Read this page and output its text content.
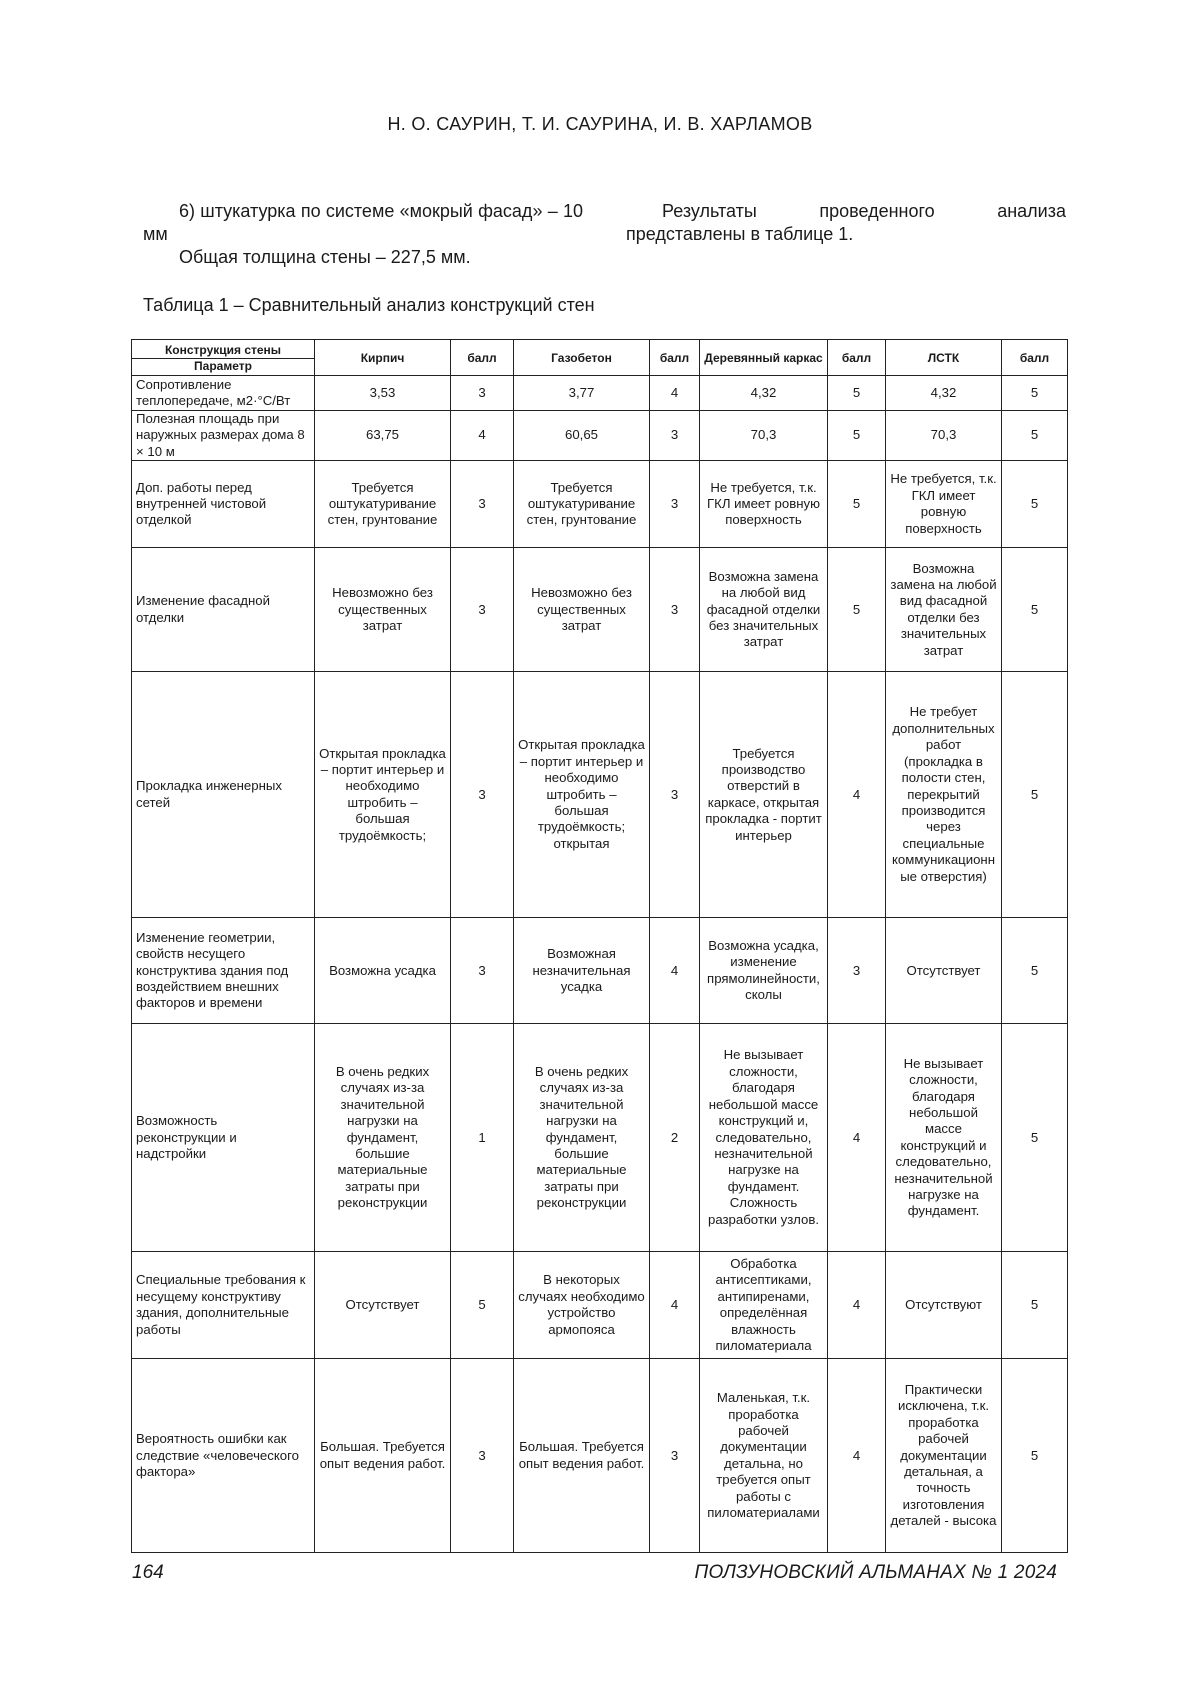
Н. О. САУРИН, Т. И. САУРИНА, И. В. ХАРЛАМОВ

6) штукатурка по системе «мокрый фасад» – 10 мм

Общая толщина стены – 227,5 мм.

Результаты проведенного анализа представлены в таблице 1.

Таблица 1 – Сравнительный анализ конструкций стен
Конструкция стены
Параметр	Кирпич	балл	Газобетон	балл	Деревянный каркас	балл	ЛСТК	балл
Сопротивление теплопередаче, м2·°С/Вт	3,53	3	3,77	4	4,32	5	4,32	5
Полезная площадь при наружных размерах дома 8 × 10 м	63,75	4	60,65	3	70,3	5	70,3	5
Доп. работы перед внутренней чистовой отделкой	Требуется оштукатуривание стен, грунтование	3	Требуется оштукатуривание стен, грунтование	3	Не требуется, т.к. ГКЛ имеет ровную поверхность	5	Не требуется, т.к. ГКЛ имеет ровную поверхность	5
Изменение фасадной отделки	Невозможно без существенных затрат	3	Невозможно без существенных затрат	3	Возможна замена на любой вид фасадной отделки без значительных затрат	5	Возможна замена на любой вид фасадной отделки без значительных затрат	5
Прокладка инженерных сетей	Открытая прокладка – портит интерьер и необходимо штробить – большая трудоёмкость;	3	Открытая прокладка – портит интерьер и необходимо штробить – большая трудоёмкость; открытая	3	Требуется производство отверстий в каркасе, открытая прокладка - портит интерьер	4	Не требует дополнительных работ (прокладка в полости стен, перекрытий производится через специальные коммуникационные отверстия)	5
Изменение геометрии, свойств несущего конструктива здания под воздействием внешних факторов и времени	Возможна усадка	3	Возможная незначительная усадка	4	Возможна усадка, изменение прямолинейности, сколы	3	Отсутствует	5
Возможность реконструкции и надстройки	В очень редких случаях из-за значительной нагрузки на фундамент, большие материальные затраты при реконструкции	1	В очень редких случаях из-за значительной нагрузки на фундамент, большие материальные затраты при реконструкции	2	Не вызывает сложности, благодаря небольшой массе конструкций и, следовательно, незначительной нагрузке на фундамент. Сложность разработки узлов.	4	Не вызывает сложности, благодаря небольшой массе конструкций и следовательно, незначительной нагрузке на фундамент.	5
Специальные требования к несущему конструктиву здания, дополнительные работы	Отсутствует	5	В некоторых случаях необходимо устройство армопояса	4	Обработка антисептиками, антипиренами, определённая влажность пиломатериала	4	Отсутствуют	5
Вероятность ошибки как следствие «человеческого фактора»	Большая. Требуется опыт ведения работ.	3	Большая. Требуется опыт ведения работ.	3	Маленькая, т.к. проработка рабочей документации детальна, но требуется опыт работы с пиломатериалами	4	Практически исключена, т.к. проработка рабочей документации детальная, а точность изготовления деталей - высока	5
164	ПОЛЗУНОВСКИЙ АЛЬМАНАХ № 1 2024
